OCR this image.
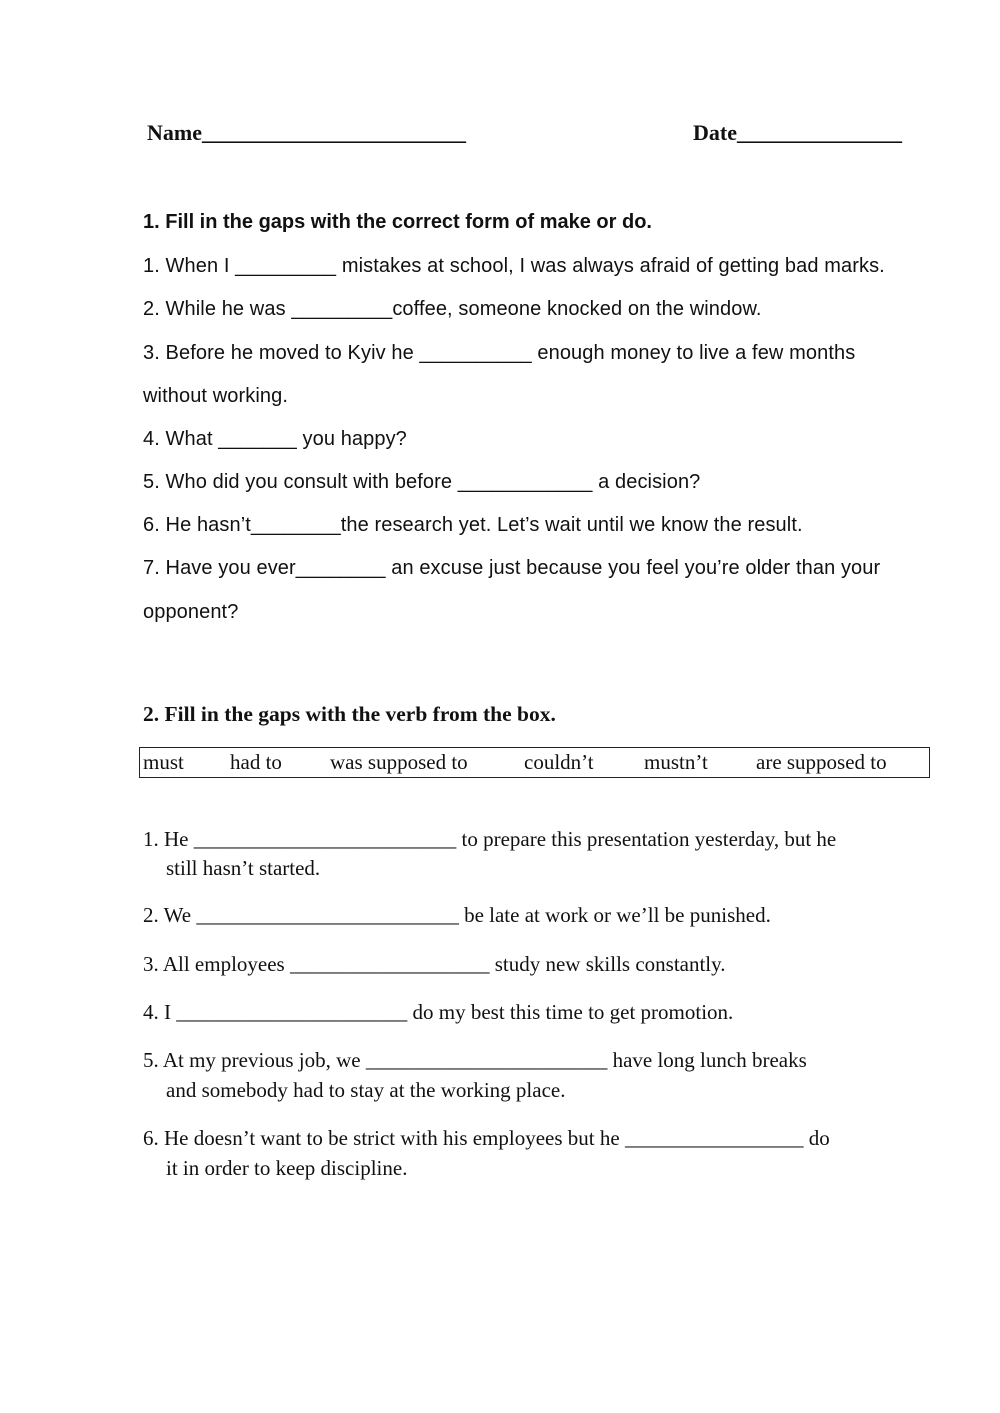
Name________________________	Date_______________
1. Fill in the gaps with the correct form of make or do.
1. When I _________ mistakes at school, I was always afraid of getting bad marks.
2. While he was _________coffee, someone knocked on the window.
3. Before he moved to Kyiv he __________ enough money to live a few months
without working.
4. What _______ you happy?
5. Who did you consult with before ____________ a decision?
6. He hasn’t________the research yet. Let’s wait until we know the result.
7. Have you ever________ an excuse just because you feel you’re older than your
opponent?
2. Fill in the gaps with the verb from the box.
must had to was supposed to	couldn’t mustn’t are supposed to
1. He _________________________ to prepare this presentation yesterday, but he
still hasn’t started.
2. We _________________________ be late at work or we’ll be punished.
3. All employees ___________________ study new skills constantly.
4. I ______________________ do my best this time to get promotion.
5. At my previous job, we _______________________ have long lunch breaks
and somebody had to stay at the working place.
6. He doesn’t want to be strict with his employees but he _________________ do
it in order to keep discipline.
